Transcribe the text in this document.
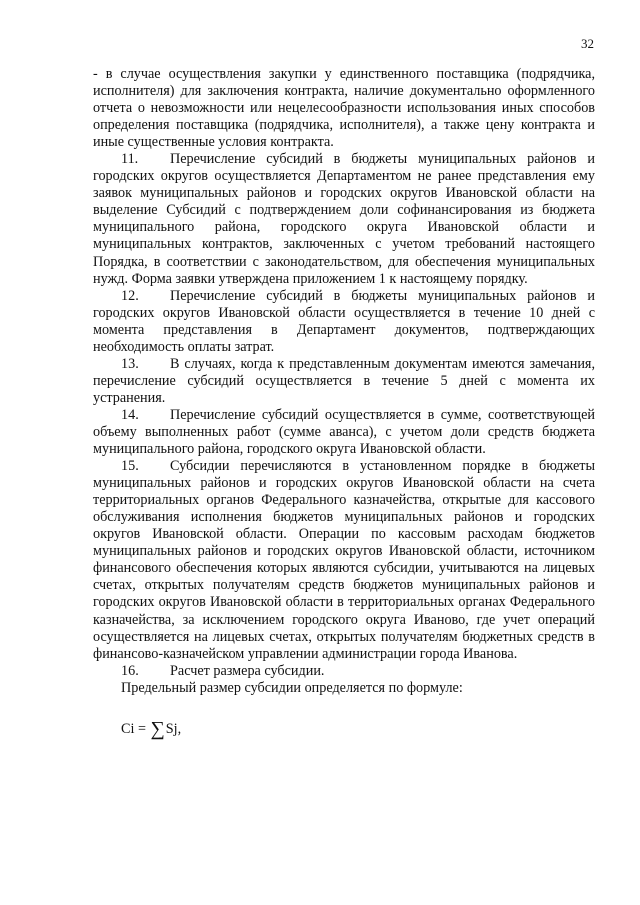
32

- в случае осуществления закупки у единственного поставщика (подрядчика, исполнителя) для заключения контракта, наличие документально оформленного отчета о невозможности или нецелесообразности использования иных способов определения поставщика (подрядчика, исполнителя), а также цену контракта и иные существенные условия контракта.

11. Перечисление субсидий в бюджеты муниципальных районов и городских округов осуществляется Департаментом не ранее представления ему заявок муниципальных районов и городских округов Ивановской области на выделение Субсидий с подтверждением доли софинансирования из бюджета муниципального района, городского округа Ивановской области и муниципальных контрактов, заключенных с учетом требований настоящего Порядка, в соответствии с законодательством, для обеспечения муниципальных нужд. Форма заявки утверждена приложением 1 к настоящему порядку.

12. Перечисление субсидий в бюджеты муниципальных районов и городских округов Ивановской области осуществляется в течение 10 дней с момента представления в Департамент документов, подтверждающих необходимость оплаты затрат.

13. В случаях, когда к представленным документам имеются замечания, перечисление субсидий осуществляется в течение 5 дней с момента их устранения.

14. Перечисление субсидий осуществляется в сумме, соответствующей объему выполненных работ (сумме аванса), с учетом доли средств бюджета муниципального района, городского округа Ивановской области.

15. Субсидии перечисляются в установленном порядке в бюджеты муниципальных районов и городских округов Ивановской области на счета территориальных органов Федерального казначейства, открытые для кассового обслуживания исполнения бюджетов муниципальных районов и городских округов Ивановской области. Операции по кассовым расходам бюджетов муниципальных районов и городских округов Ивановской области, источником финансового обеспечения которых являются субсидии, учитываются на лицевых счетах, открытых получателям средств бюджетов муниципальных районов и городских округов Ивановской области в территориальных органах Федерального казначейства, за исключением городского округа Иваново, где учет операций осуществляется на лицевых счетах, открытых получателям бюджетных средств в финансово-казначейском управлении администрации города Иванова.

16. Расчет размера субсидии.

Предельный размер субсидии определяется по формуле:

Ci = ∑Sj,
